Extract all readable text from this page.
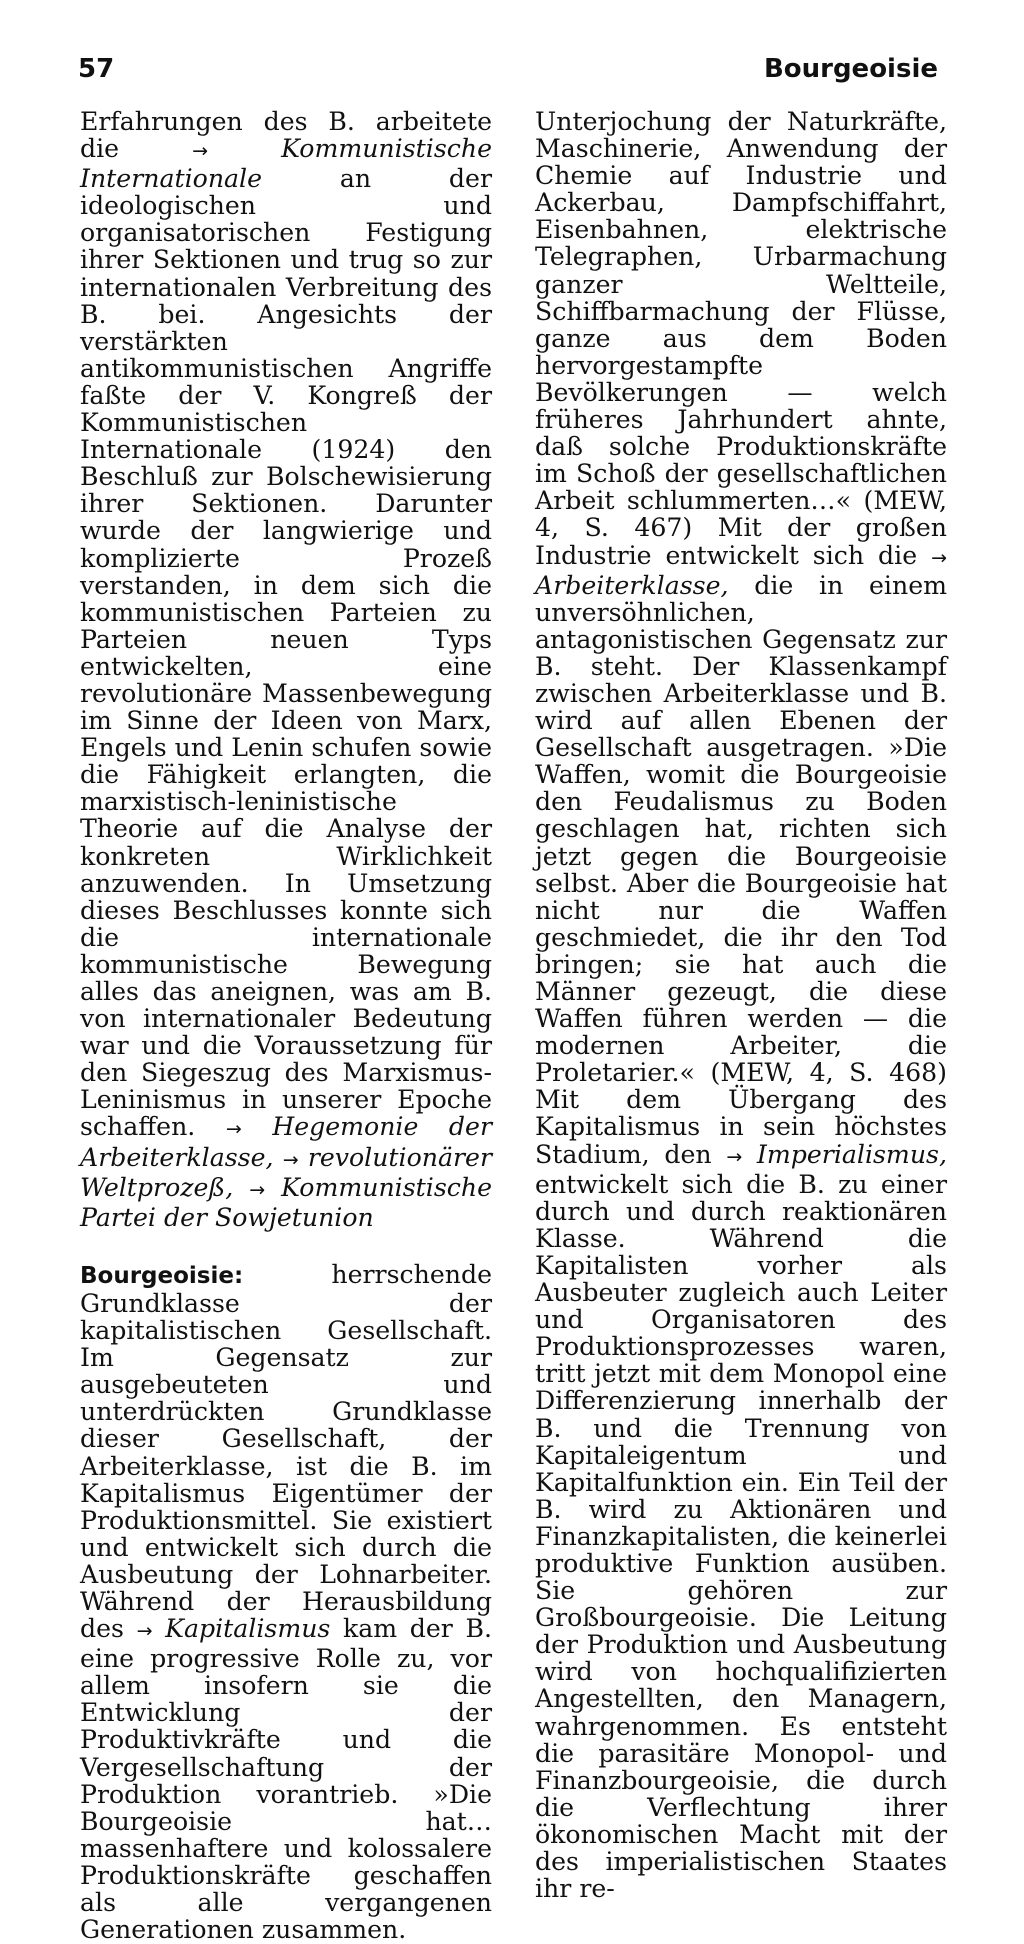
57	Bourgeoisie

Erfahrungen des B. arbeitete die	→	Kommunistische Internationale	an der ideologischen und organisatorischen Festigung ihrer Sektionen und trug so zur internationalen Verbreitung des B. bei. Angesichts der verstärkten antikommunistischen Angriffe faßte der V. Kongreß der Kommunistischen Internationale (1924) den Beschluß zur Bolschewisierung ihrer Sektionen. Darunter wurde der langwierige und komplizierte Prozeß verstanden, in dem sich die kommunistischen Parteien zu Parteien neuen Typs entwickelten, eine revolutionäre Massenbewegung im Sinne der Ideen von Marx, Engels und Lenin schufen sowie die Fähigkeit erlangten, die marxistisch-leninistische Theorie auf die Analyse der konkreten Wirklichkeit anzuwenden. In Umsetzung dieses Beschlusses konnte sich die internationale kommunistische Bewegung alles das aneignen, was am B. von internationaler Bedeutung war und die Voraussetzung für den Siegeszug des Marxismus-Leninismus in unserer Epoche schaffen. → Hegemonie der Arbeiterklasse, → revolutionärer Weltprozeß, → Kommunistische Partei der Sowjetunion

Bourgeoisie:	herrschende Grundklasse der kapitalistischen Gesellschaft. Im Gegensatz zur ausgebeuteten und unterdrückten Grundklasse dieser Gesellschaft, der Arbeiterklasse, ist die B. im Kapitalismus Eigentümer der Produktionsmittel. Sie existiert und entwickelt sich durch die Ausbeutung der Lohnarbeiter. Während der Herausbildung des → Kapitalismus kam der B. eine progressive Rolle zu, vor allem insofern sie die Entwicklung der Produktivkräfte und die Vergesellschaftung der Produktion vorantrieb. »Die Bourgeoisie hat… massenhaftere und kolossalere Produktionskräfte geschaffen als alle vergangenen Generationen zusammen.

Unterjochung der Naturkräfte, Maschinerie, Anwendung der Chemie auf Industrie und Ackerbau, Dampfschiffahrt, Eisenbahnen, elektrische Telegraphen, Urbarmachung ganzer Weltteile, Schiffbarmachung der Flüsse, ganze aus dem Boden hervorgestampfte Bevölkerungen — welch früheres Jahrhundert ahnte, daß solche Produktionskräfte im Schoß der gesellschaftlichen Arbeit schlummerten…« (MEW, 4, S. 467) Mit der großen Industrie entwickelt sich die → Arbeiterklasse, die in einem unversöhnlichen, antagonistischen Gegensatz zur B. steht. Der Klassenkampf zwischen Arbeiterklasse und B. wird auf allen Ebenen der Gesellschaft ausgetragen. »Die Waffen, womit die Bourgeoisie den Feudalismus zu Boden geschlagen hat, richten sich jetzt gegen die Bourgeoisie selbst. Aber die Bourgeoisie hat nicht nur die Waffen geschmiedet, die ihr den Tod bringen; sie hat auch die Männer gezeugt, die diese Waffen führen werden — die modernen Arbeiter, die Proletarier.« (MEW, 4, S. 468) Mit dem Übergang des Kapitalismus in sein höchstes Stadium, den → Imperialismus, entwickelt sich die B. zu einer durch und durch reaktionären Klasse. Während die Kapitalisten vorher als Ausbeuter zugleich auch Leiter und Organisatoren des Produktionsprozesses waren, tritt jetzt mit dem Monopol eine Differenzierung innerhalb der B. und die Trennung von Kapitaleigentum und Kapitalfunktion ein. Ein Teil der B. wird zu Aktionären und Finanzkapitalisten, die keinerlei produktive Funktion ausüben. Sie gehören zur Großbourgeoisie. Die Leitung der Produktion und Ausbeutung wird von hochqualifizierten Angestellten, den Managern, wahrgenommen. Es entsteht die parasitäre Monopol- und Finanzbourgeoisie, die durch die Verflechtung ihrer ökonomischen Macht mit der des imperialistischen Staates ihr re-
